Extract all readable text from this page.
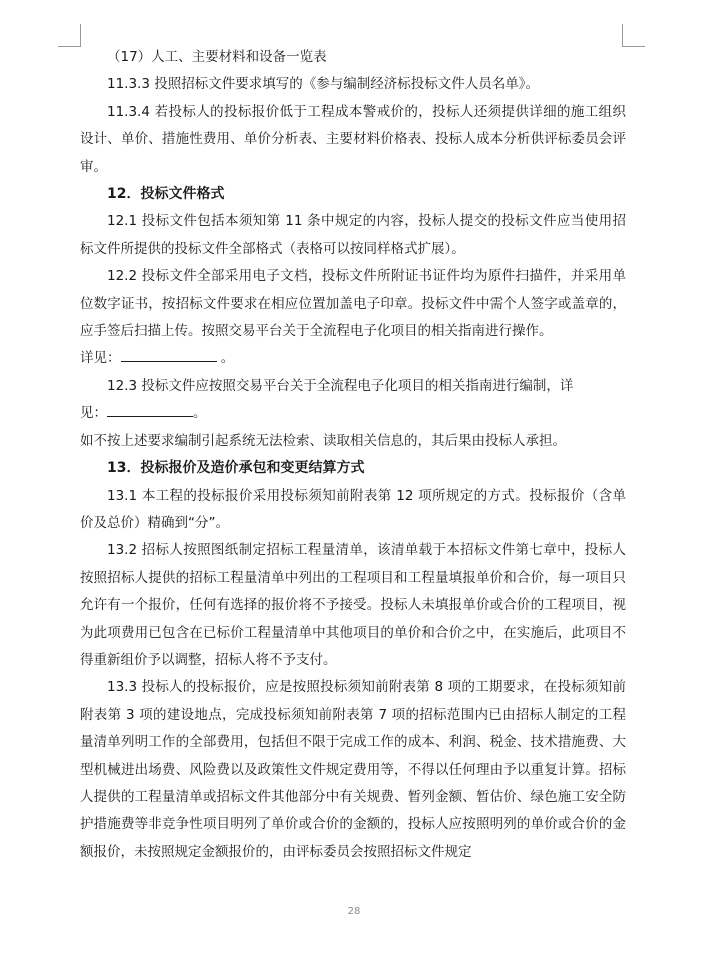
（17）人工、主要材料和设备一览表

11.3.3 投照招标文件要求填写的《参与编制经济标投标文件人员名单》。

11.3.4 若投标人的投标报价低于工程成本警戒价的，投标人还须提供详细的施工组织设计、单价、措施性费用、单价分析表、主要材料价格表、投标人成本分析供评标委员会评审。

12．投标文件格式

12.1 投标文件包括本须知第 11 条中规定的内容，投标人提交的投标文件应当使用招标文件所提供的投标文件全部格式（表格可以按同样格式扩展）。

12.2 投标文件全部采用电子文档，投标文件所附证书证件均为原件扫描件，并采用单位数字证书，按招标文件要求在相应位置加盖电子印章。投标文件中需个人签字或盖章的，应手签后扫描上传。按照交易平台关于全流程电子化项目的相关指南进行操作。

详见：	。

12.3 投标文件应按照交易平台关于全流程电子化项目的相关指南进行编制，详

见：	。

如不按上述要求编制引起系统无法检索、读取相关信息的，其后果由投标人承担。

13．投标报价及造价承包和变更结算方式

13.1 本工程的投标报价采用投标须知前附表第 12 项所规定的方式。投标报价（含单价及总价）精确到“分”。

13.2 招标人按照图纸制定招标工程量清单，该清单载于本招标文件第七章中，投标人按照招标人提供的招标工程量清单中列出的工程项目和工程量填报单价和合价，每一项目只允许有一个报价，任何有选择的报价将不予接受。投标人未填报单价或合价的工程项目，视为此项费用已包含在已标价工程量清单中其他项目的单价和合价之中，在实施后，此项目不得重新组价予以调整，招标人将不予支付。

13.3 投标人的投标报价，应是按照投标须知前附表第 8 项的工期要求，在投标须知前附表第 3 项的建设地点，完成投标须知前附表第 7 项的招标范围内已由招标人制定的工程量清单列明工作的全部费用，包括但不限于完成工作的成本、利润、税金、技术措施费、大型机械进出场费、风险费以及政策性文件规定费用等，不得以任何理由予以重复计算。招标人提供的工程量清单或招标文件其他部分中有关规费、暂列金额、暂估价、绿色施工安全防护措施费等非竞争性项目明列了单价或合价的金额的，投标人应按照明列的单价或合价的金额报价，未按照规定金额报价的，由评标委员会按照招标文件规定

28
